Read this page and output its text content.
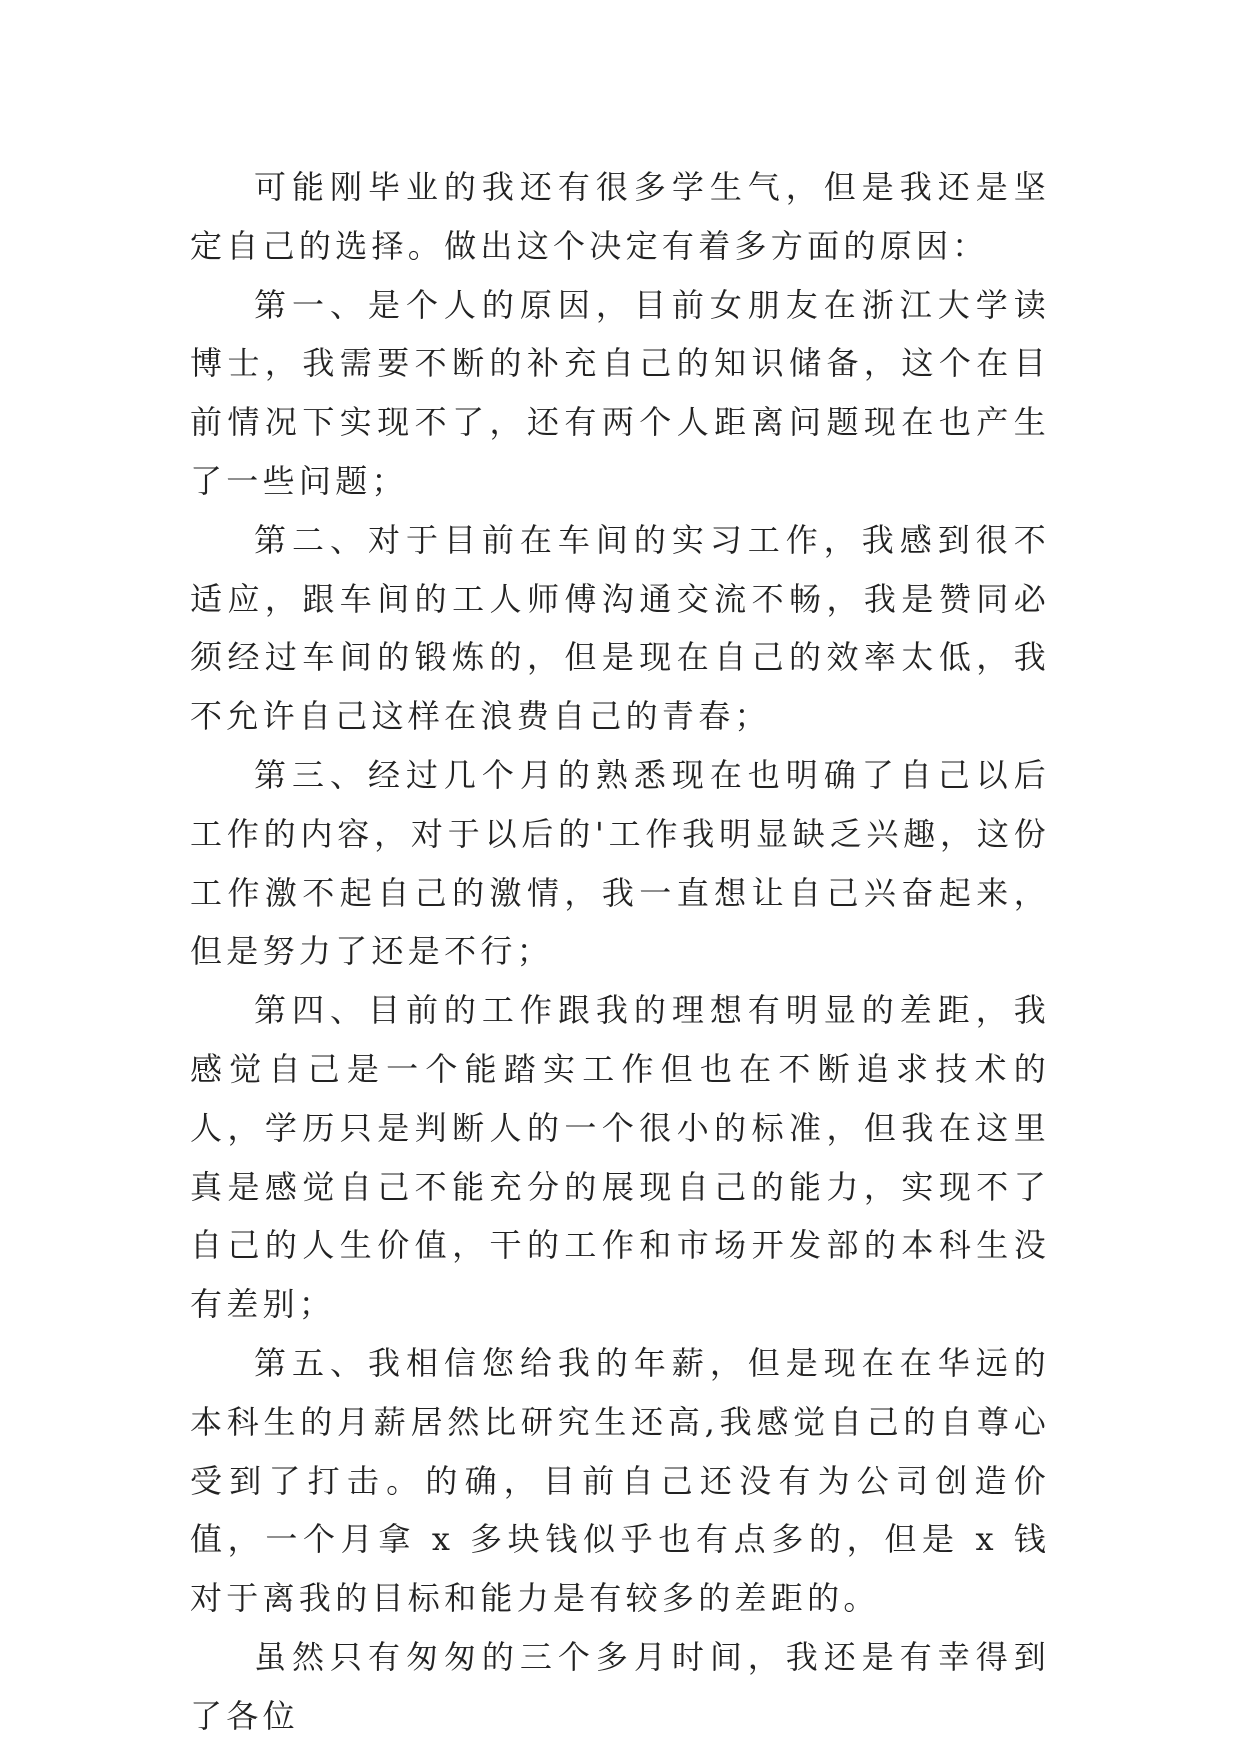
可能刚毕业的我还有很多学生气，但是我还是坚定自己的选择。做出这个决定有着多方面的原因：

第一、是个人的原因，目前女朋友在浙江大学读博士，我需要不断的补充自己的知识储备，这个在目前情况下实现不了，还有两个人距离问题现在也产生了一些问题；

第二、对于目前在车间的实习工作，我感到很不适应，跟车间的工人师傅沟通交流不畅，我是赞同必须经过车间的锻炼的，但是现在自己的效率太低，我不允许自己这样在浪费自己的青春；

第三、经过几个月的熟悉现在也明确了自己以后工作的内容，对于以后的'工作我明显缺乏兴趣，这份工作激不起自己的激情，我一直想让自己兴奋起来，但是努力了还是不行；

第四、目前的工作跟我的理想有明显的差距，我感觉自己是一个能踏实工作但也在不断追求技术的人，学历只是判断人的一个很小的标准，但我在这里真是感觉自己不能充分的展现自己的能力，实现不了自己的人生价值，干的工作和市场开发部的本科生没有差别；

第五、我相信您给我的年薪，但是现在在华远的本科生的月薪居然比研究生还高,我感觉自己的自尊心受到了打击。的确，目前自己还没有为公司创造价值，一个月拿 x 多块钱似乎也有点多的，但是 x 钱对于离我的目标和能力是有较多的差距的。

虽然只有匆匆的三个多月时间，我还是有幸得到了各位
